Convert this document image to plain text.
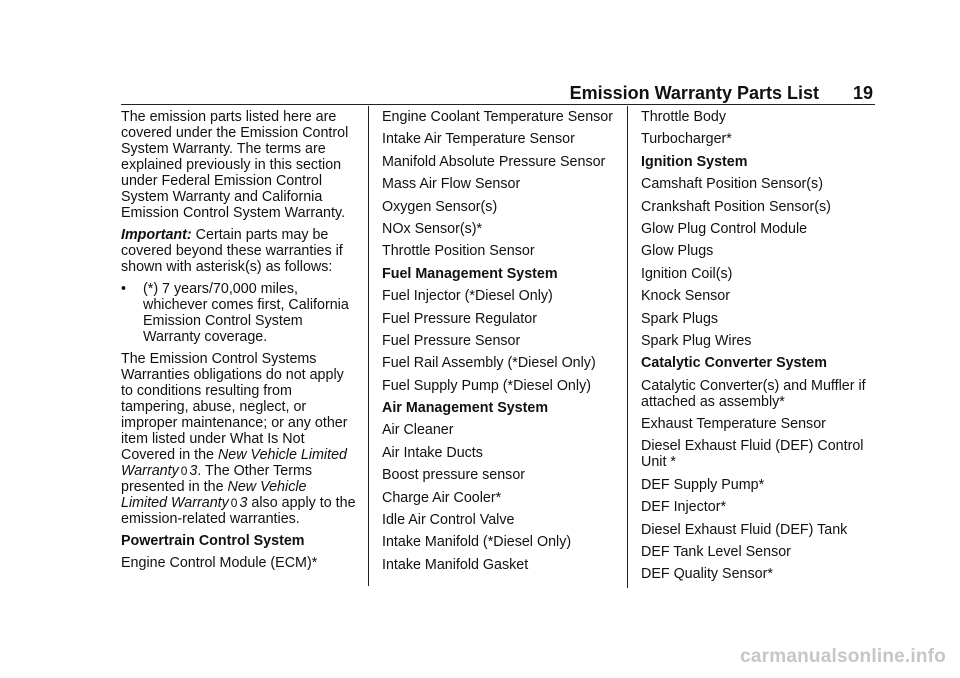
Emission Warranty Parts List 19

The emission parts listed here are covered under the Emission Control System Warranty. The terms are explained previously in this section under Federal Emission Control System Warranty and California Emission Control System Warranty.

Important: Certain parts may be covered beyond these warranties if shown with asterisk(s) as follows:

• (*) 7 years/70,000 miles, whichever comes first, California Emission Control System Warranty coverage.

The Emission Control Systems Warranties obligations do not apply to conditions resulting from tampering, abuse, neglect, or improper maintenance; or any other item listed under What Is Not Covered in the New Vehicle Limited Warranty 0 3. The Other Terms presented in the New Vehicle Limited Warranty 0 3 also apply to the emission-related warranties.

Powertrain Control System
Engine Control Module (ECM)*
Engine Coolant Temperature Sensor
Intake Air Temperature Sensor
Manifold Absolute Pressure Sensor
Mass Air Flow Sensor
Oxygen Sensor(s)
NOx Sensor(s)*
Throttle Position Sensor
Fuel Management System
Fuel Injector (*Diesel Only)
Fuel Pressure Regulator
Fuel Pressure Sensor
Fuel Rail Assembly (*Diesel Only)
Fuel Supply Pump (*Diesel Only)
Air Management System
Air Cleaner
Air Intake Ducts
Boost pressure sensor
Charge Air Cooler*
Idle Air Control Valve
Intake Manifold (*Diesel Only)
Intake Manifold Gasket
Throttle Body
Turbocharger*
Ignition System
Camshaft Position Sensor(s)
Crankshaft Position Sensor(s)
Glow Plug Control Module
Glow Plugs
Ignition Coil(s)
Knock Sensor
Spark Plugs
Spark Plug Wires
Catalytic Converter System
Catalytic Converter(s) and Muffler if attached as assembly*
Exhaust Temperature Sensor
Diesel Exhaust Fluid (DEF) Control Unit *
DEF Supply Pump*
DEF Injector*
Diesel Exhaust Fluid (DEF) Tank
DEF Tank Level Sensor
DEF Quality Sensor*
carmanualsonline.info
